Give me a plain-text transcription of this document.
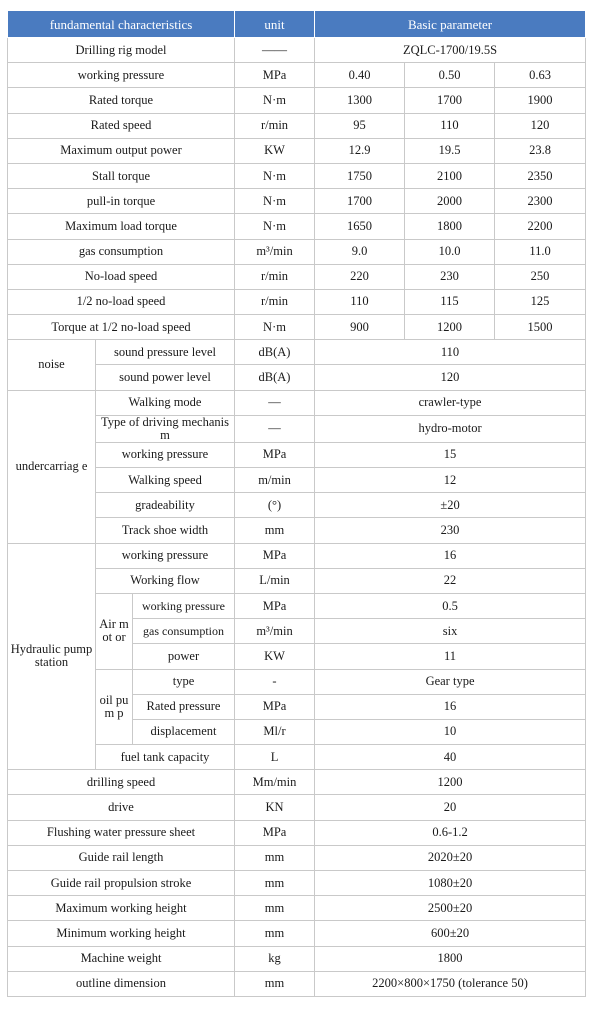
fundamental characteristics			unit	Basic parameter		
Drilling rig model			——	ZQLC-1700/19.5S		
working pressure			MPa	0.40	0.50	0.63
Rated torque			N·m	1300	1700	1900
Rated speed			r/min	95	110	120
Maximum output power			KW	12.9	19.5	23.8
Stall torque			N·m	1750	2100	2350
pull-in torque			N·m	1700	2000	2300
Maximum load torque			N·m	1650	1800	2200
gas consumption			m³/min	9.0	10.0	11.0
No-load speed			r/min	220	230	250
1/2 no-load speed			r/min	110	115	125
Torque at 1/2 no-load speed			N·m	900	1200	1500
noise	sound pressure level		dB(A)	110		
	sound power level		dB(A)	120		
undercarriag e	Walking mode		—	crawler-type		
	Type of driving mechanism		—	hydro-motor		
	working pressure		MPa	15		
	Walking speed		m/min	12		
	gradeability		(°)	±20		
	Track shoe width		mm	230		
Hydraulic pump station	working pressure		MPa	16		
	Working flow		L/min	22		
	Air mot or	working pressure	MPa	0.5		
		gas consumption	m³/min	six		
		power	KW	11		
	oil pum p	type	-	Gear type		
		Rated pressure	MPa	16		
		displacement	Ml/r	10		
	fuel tank capacity		L	40		
drilling speed			Mm/min	1200		
drive			KN	20		
Flushing water pressure sheet			MPa	0.6-1.2		
Guide rail length			mm	2020±20		
Guide rail propulsion stroke			mm	1080±20		
Maximum working height			mm	2500±20		
Minimum working height			mm	600±20		
Machine weight			kg	1800		
outline dimension			mm	2200×800×1750 (tolerance 50)		
